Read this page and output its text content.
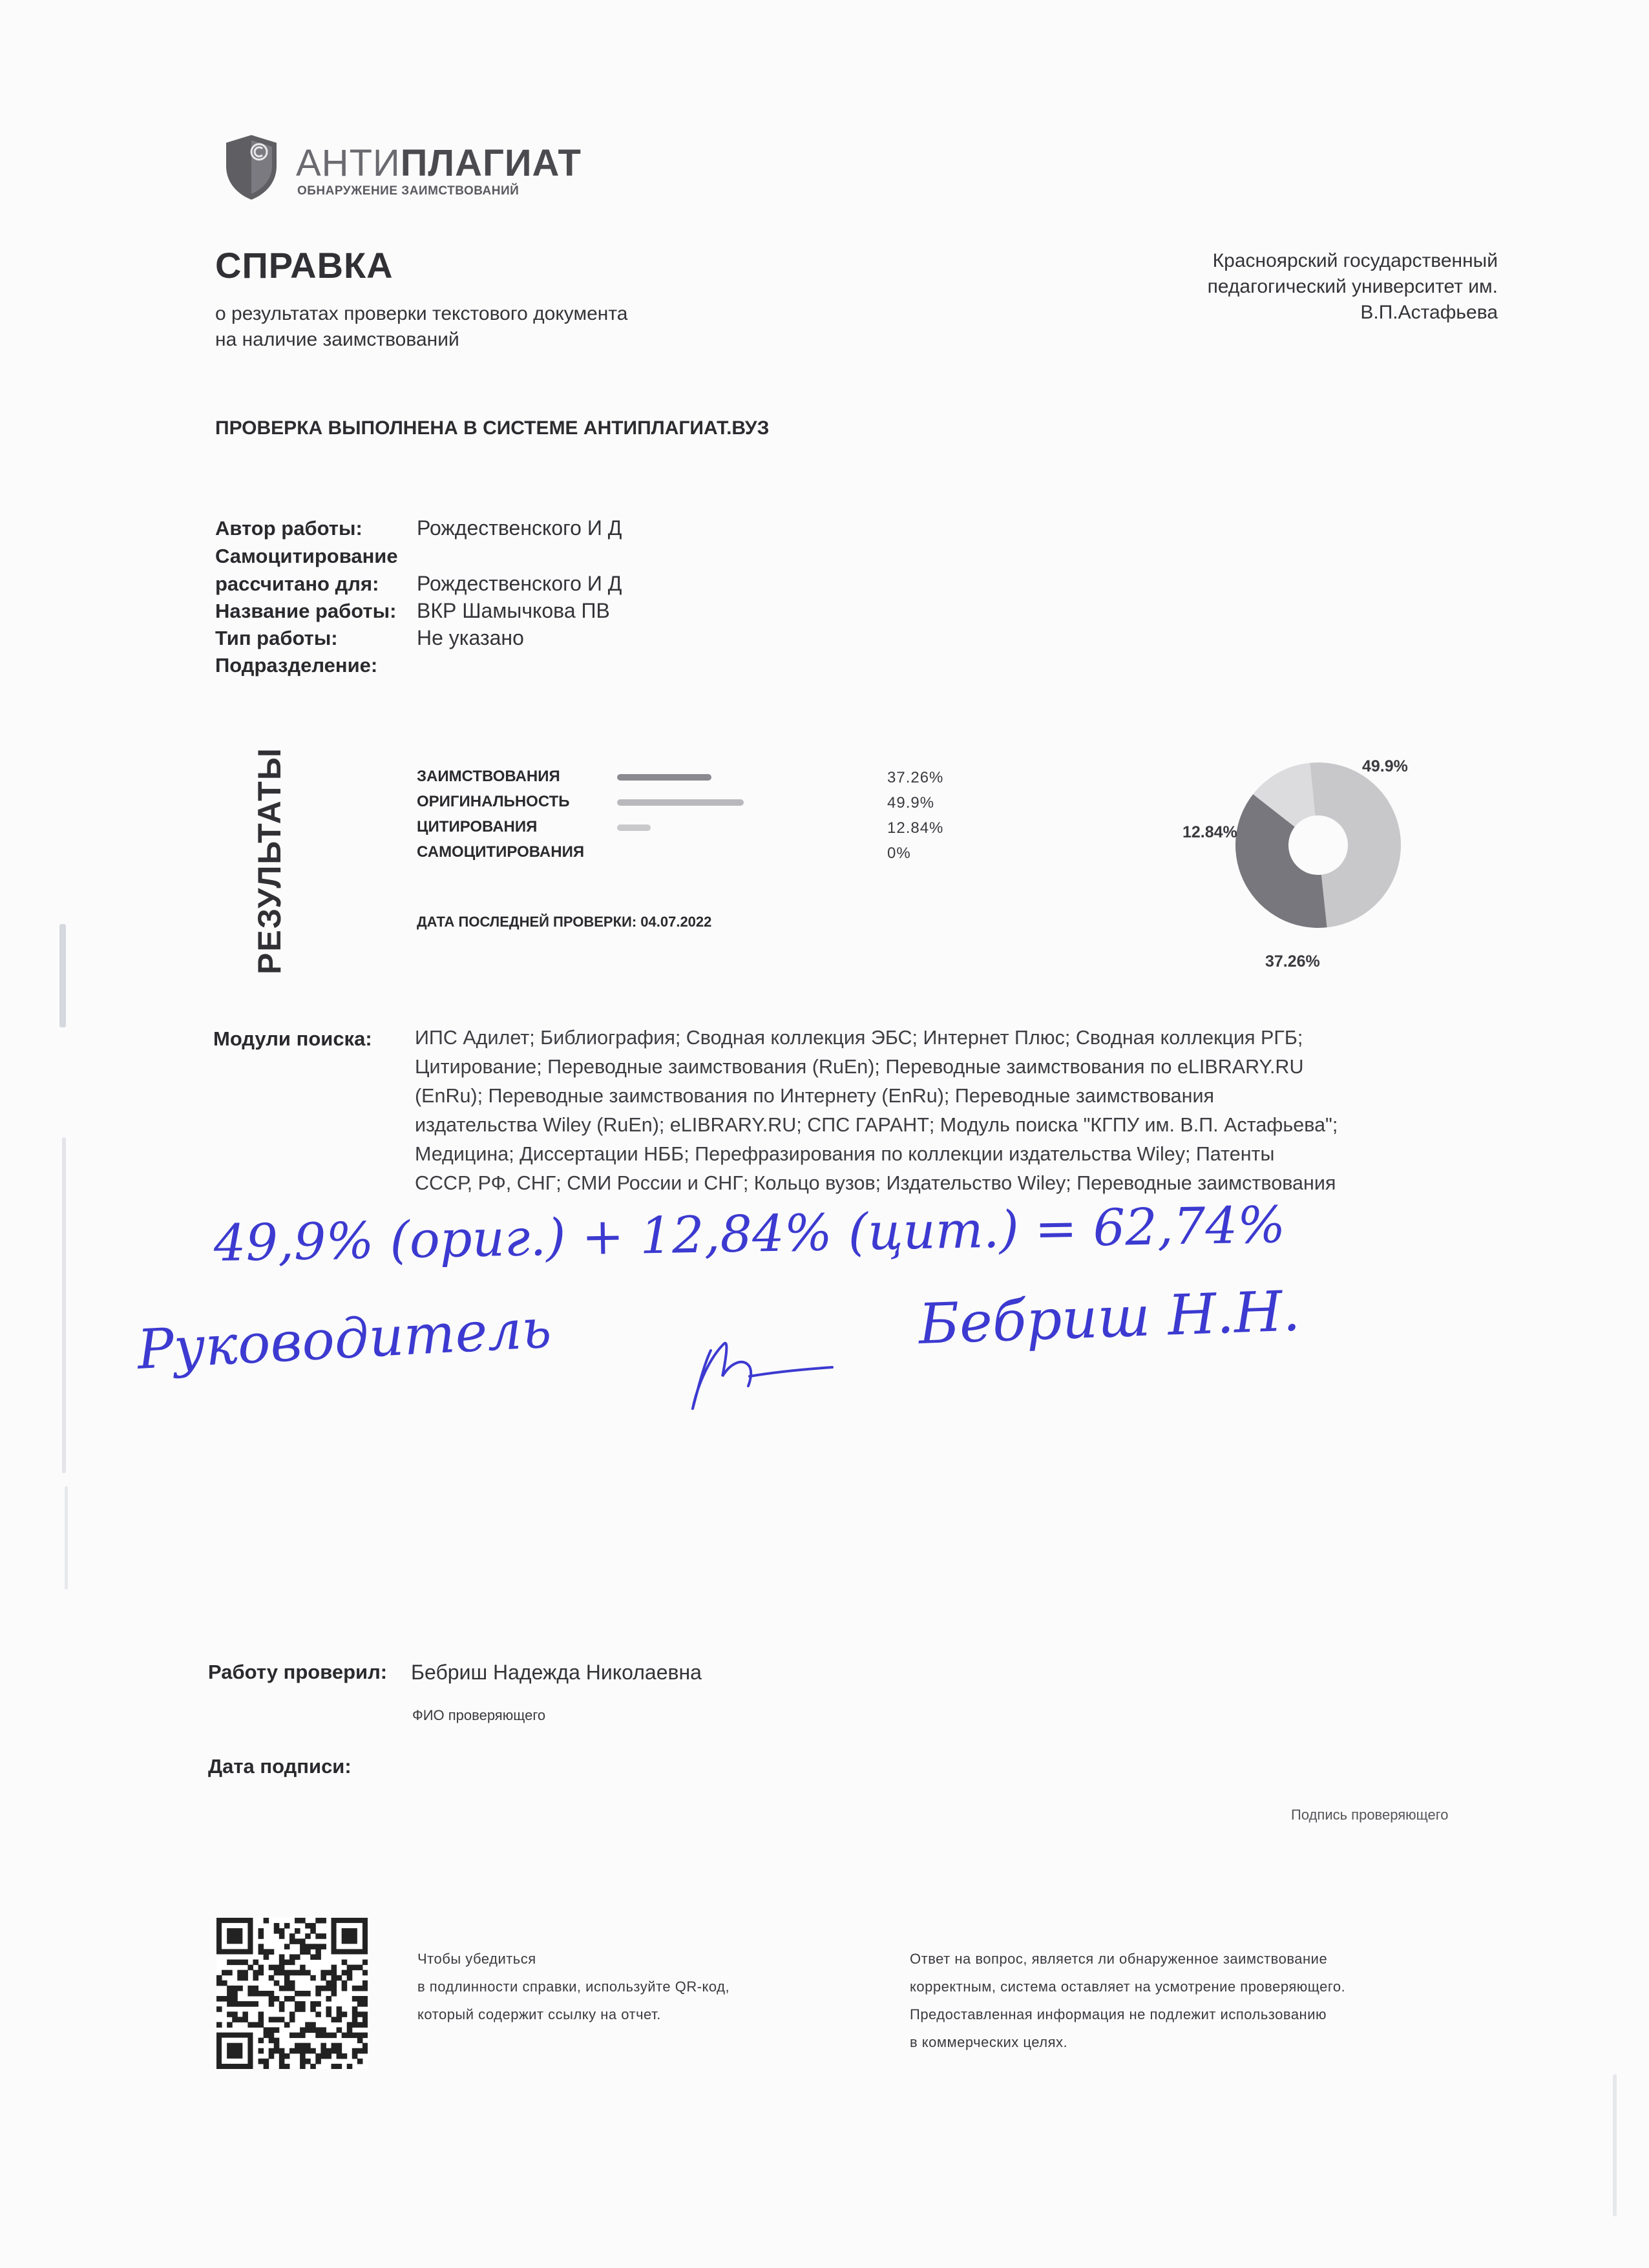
АНТИПЛАГИАТ
ОБНАРУЖЕНИЕ ЗАИМСТВОВАНИЙ
СПРАВКА
о результатах проверки текстового документа
на наличие заимствований
Красноярский государственный
педагогический университет им.
В.П.Астафьева
ПРОВЕРКА ВЫПОЛНЕНА В СИСТЕМЕ АНТИПЛАГИАТ.ВУЗ
Автор работы:	Рождественского И Д
Самоцитирование
рассчитано для: Рождественского И Д
Название работы: ВКР Шамычкова ПВ
Тип работы:	Не указано
Подразделение:
РЕЗУЛЬТАТЫ	ЗАИМСТВОВАНИЯ	37.26%
ОРИГИНАЛЬНОСТЬ	49.9%
ЦИТИРОВАНИЯ	12.84%
САМОЦИТИРОВАНИЯ	0%
ДАТА ПОСЛЕДНЕЙ ПРОВЕРКИ: 04.07.2022
49.9%
12.84%
37.26%
Модули поиска: ИПС Адилет; Библиография; Сводная коллекция ЭБС; Интернет Плюс; Сводная коллекция РГБ;
Цитирование; Переводные заимствования (RuEn); Переводные заимствования по eLIBRARY.RU
(EnRu); Переводные заимствования по Интернету (EnRu); Переводные заимствования
издательства Wiley (RuEn); eLIBRARY.RU; СПС ГАРАНТ; Модуль поиска "КГПУ им. В.П. Астафьева";
Медицина; Диссертации НББ; Перефразирования по коллекции издательства Wiley; Патенты
СССР, РФ, СНГ; СМИ России и СНГ; Кольцо вузов; Издательство Wiley; Переводные заимствования
49,9% (ориг.) + 12,84% (цит.) = 62,74%
Руководитель	Бебриш Н.Н.
Работу проверил: Бебриш Надежда Николаевна
ФИО проверяющего
Дата подписи:
Подпись проверяющего
Чтобы убедиться
в подлинности справки, используйте QR-код,
который содержит ссылку на отчет.
Ответ на вопрос, является ли обнаруженное заимствование
корректным, система оставляет на усмотрение проверяющего.
Предоставленная информация не подлежит использованию
в коммерческих целях.
